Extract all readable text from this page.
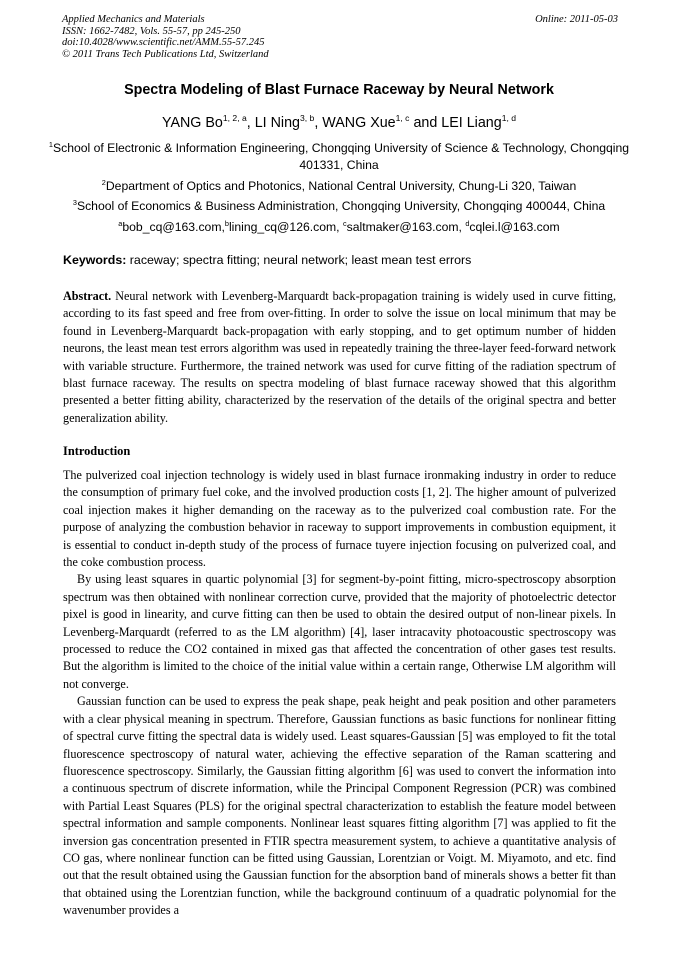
Applied Mechanics and Materials
ISSN: 1662-7482, Vols. 55-57, pp 245-250
doi:10.4028/www.scientific.net/AMM.55-57.245
© 2011 Trans Tech Publications Ltd, Switzerland
Online: 2011-05-03
Spectra Modeling of Blast Furnace Raceway by Neural Network
YANG Bo$^{1, 2, a}$, LI Ning$^{3, b}$, WANG Xue$^{1, c}$ and LEI Liang$^{1, d}$
$^1$School of Electronic & Information Engineering, Chongqing University of Science & Technology, Chongqing 401331, China
$^2$Department of Optics and Photonics, National Central University, Chung-Li 320, Taiwan
$^3$School of Economics & Business Administration, Chongqing University, Chongqing 400044, China
$^a$bob_cq@163.com,$^b$lining_cq@126.com, $^c$saltmaker@163.com, $^d$cqlei.l@163.com
Keywords: raceway; spectra fitting; neural network; least mean test errors
Abstract. Neural network with Levenberg-Marquardt back-propagation training is widely used in curve fitting, according to its fast speed and free from over-fitting. In order to solve the issue on local minimum that may be found in Levenberg-Marquardt back-propagation with early stopping, and to get optimum number of hidden neurons, the least mean test errors algorithm was used in repeatedly training the three-layer feed-forward network with variable structure. Furthermore, the trained network was used for curve fitting of the radiation spectrum of blast furnace raceway. The results on spectra modeling of blast furnace raceway showed that this algorithm presented a better fitting ability, characterized by the reservation of the details of the original spectra and better generalization ability.
Introduction

The pulverized coal injection technology is widely used in blast furnace ironmaking industry in order to reduce the consumption of primary fuel coke, and the involved production costs [1, 2]. The higher amount of pulverized coal injection makes it higher demanding on the raceway as to the pulverized coal combustion rate. For the purpose of analyzing the combustion behavior in raceway to support improvements in combustion equipment, it is essential to conduct in-depth study of the process of furnace tuyere injection focusing on pulverized coal, and the coke combustion process.

By using least squares in quartic polynomial [3] for segment-by-point fitting, micro-spectroscopy absorption spectrum was then obtained with nonlinear correction curve, provided that the majority of photoelectric detector pixel is good in linearity, and curve fitting can then be used to obtain the desired output of non-linear pixels. In Levenberg-Marquardt (referred to as the LM algorithm) [4], laser intracavity photoacoustic spectroscopy was processed to reduce the CO2 contained in mixed gas that affected the concentration of other gases test results. But the algorithm is limited to the choice of the initial value within a certain range, Otherwise LM algorithm will not converge.

Gaussian function can be used to express the peak shape, peak height and peak position and other parameters with a clear physical meaning in spectrum. Therefore, Gaussian functions as basic functions for nonlinear fitting of spectral curve fitting the spectral data is widely used. Least squares-Gaussian [5] was employed to fit the total fluorescence spectroscopy of natural water, achieving the effective separation of the Raman scattering and fluorescence spectroscopy. Similarly, the Gaussian fitting algorithm [6] was used to convert the information into a continuous spectrum of discrete information, while the Principal Component Regression (PCR) was combined with Partial Least Squares (PLS) for the original spectral characterization to establish the feature model between spectral information and sample components. Nonlinear least squares fitting algorithm [7] was applied to fit the inversion gas concentration presented in FTIR spectra measurement system, to achieve a quantitative analysis of CO gas, where nonlinear function can be fitted using Gaussian, Lorentzian or Voigt. M. Miyamoto, and etc. find out that the result obtained using the Gaussian function for the absorption band of minerals shows a better fit than that obtained using the Lorentzian function, while the background continuum of a quadratic polynomial for the wavenumber provides a
